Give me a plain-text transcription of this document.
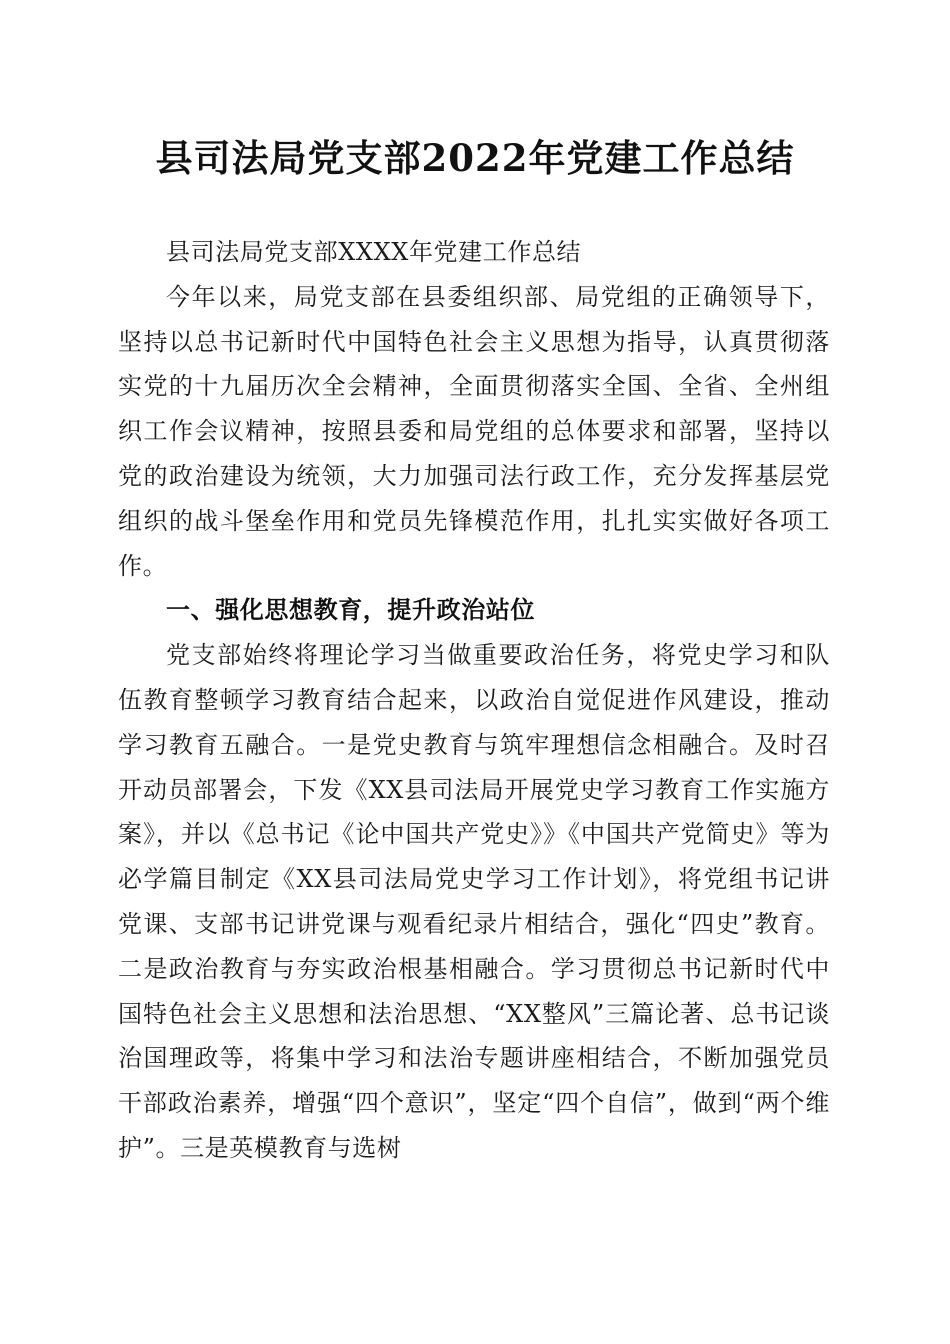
县司法局党支部2022年党建工作总结

县司法局党支部XXXX年党建工作总结

今年以来，局党支部在县委组织部、局党组的正确领导下，坚持以总书记新时代中国特色社会主义思想为指导，认真贯彻落实党的十九届历次全会精神，全面贯彻落实全国、全省、全州组织工作会议精神，按照县委和局党组的总体要求和部署，坚持以党的政治建设为统领，大力加强司法行政工作，充分发挥基层党组织的战斗堡垒作用和党员先锋模范作用，扎扎实实做好各项工作。

一、强化思想教育，提升政治站位

党支部始终将理论学习当做重要政治任务，将党史学习和队伍教育整顿学习教育结合起来，以政治自觉促进作风建设，推动学习教育五融合。一是党史教育与筑牢理想信念相融合。及时召开动员部署会，下发《XX县司法局开展党史学习教育工作实施方案》，并以《总书记《论中国共产党史》》《中国共产党简史》等为必学篇目制定《XX县司法局党史学习工作计划》，将党组书记讲党课、支部书记讲党课与观看纪录片相结合，强化“四史”教育。二是政治教育与夯实政治根基相融合。学习贯彻总书记新时代中国特色社会主义思想和法治思想、“XX整风”三篇论著、总书记谈治国理政等，将集中学习和法治专题讲座相结合，不断加强党员干部政治素养，增强“四个意识”，坚定“四个自信”，做到“两个维护”。三是英模教育与选树
